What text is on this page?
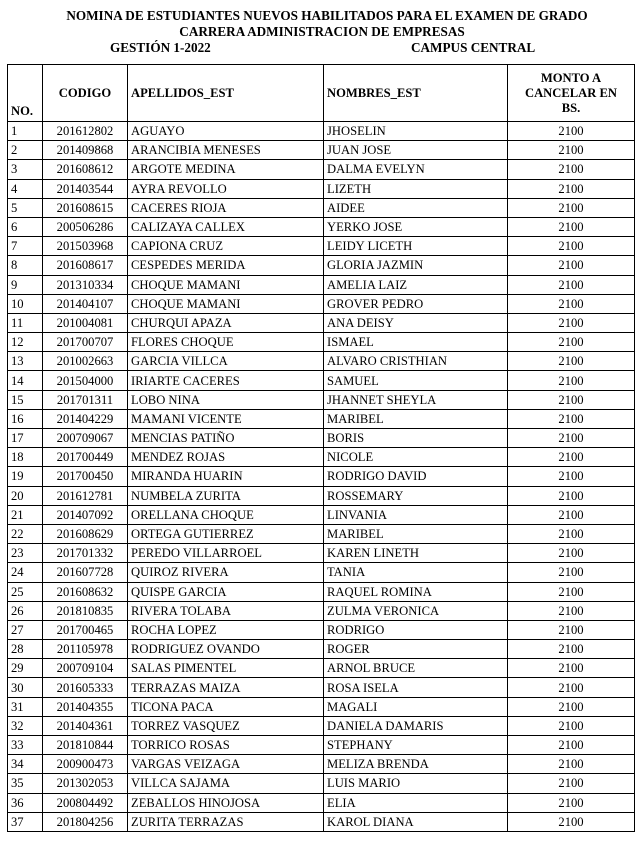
NOMINA DE ESTUDIANTES NUEVOS HABILITADOS PARA EL EXAMEN DE GRADO
CARRERA ADMINISTRACION DE EMPRESAS
GESTIÓN 1-2022	CAMPUS CENTRAL
NO.	CODIGO	APELLIDOS_EST	NOMBRES_EST	MONTO A
CANCELAR EN
BS.

1	201612802	AGUAYO	JHOSELIN	2100
2	201409868	ARANCIBIA MENESES	JUAN JOSE	2100
3	201608612	ARGOTE MEDINA	DALMA EVELYN	2100
4	201403544	AYRA REVOLLO	LIZETH	2100
5	201608615	CACERES RIOJA	AIDEE	2100
6	200506286	CALIZAYA CALLEX	YERKO JOSE	2100
7	201503968	CAPIONA CRUZ	LEIDY LICETH	2100
8	201608617	CESPEDES MERIDA	GLORIA JAZMIN	2100
9	201310334	CHOQUE MAMANI	AMELIA LAIZ	2100
10	201404107	CHOQUE MAMANI	GROVER PEDRO	2100
11	201004081	CHURQUI APAZA	ANA DEISY	2100
12	201700707	FLORES CHOQUE	ISMAEL	2100
13	201002663	GARCIA VILLCA	ALVARO CRISTHIAN	2100
14	201504000	IRIARTE CACERES	SAMUEL	2100
15	201701311	LOBO NINA	JHANNET SHEYLA	2100
16	201404229	MAMANI VICENTE	MARIBEL	2100
17	200709067	MENCIAS PATIÑO	BORIS	2100
18	201700449	MENDEZ ROJAS	NICOLE	2100
19	201700450	MIRANDA HUARIN	RODRIGO DAVID	2100
20	201612781	NUMBELA ZURITA	ROSSEMARY	2100
21	201407092	ORELLANA CHOQUE	LINVANIA	2100
22	201608629	ORTEGA GUTIERREZ	MARIBEL	2100
23	201701332	PEREDO VILLARROEL	KAREN LINETH	2100
24	201607728	QUIROZ RIVERA	TANIA	2100
25	201608632	QUISPE GARCIA	RAQUEL ROMINA	2100
26	201810835	RIVERA TOLABA	ZULMA VERONICA	2100
27	201700465	ROCHA LOPEZ	RODRIGO	2100
28	201105978	RODRIGUEZ OVANDO	ROGER	2100
29	200709104	SALAS PIMENTEL	ARNOL BRUCE	2100
30	201605333	TERRAZAS MAIZA	ROSA ISELA	2100
31	201404355	TICONA PACA	MAGALI	2100
32	201404361	TORREZ VASQUEZ	DANIELA DAMARIS	2100
33	201810844	TORRICO ROSAS	STEPHANY	2100
34	200900473	VARGAS VEIZAGA	MELIZA BRENDA	2100
35	201302053	VILLCA SAJAMA	LUIS MARIO	2100
36	200804492	ZEBALLOS HINOJOSA	ELIA	2100
37	201804256	ZURITA TERRAZAS	KAROL DIANA	2100
